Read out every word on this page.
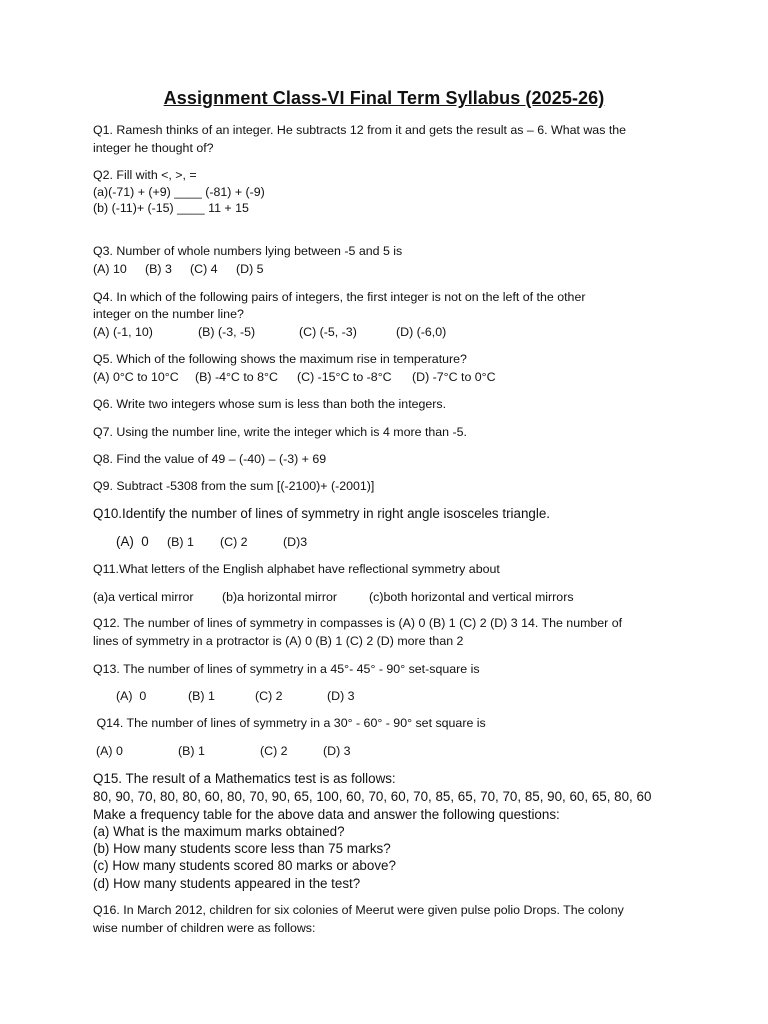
Assignment Class-VI Final Term Syllabus (2025-26)
Q1. Ramesh thinks of an integer. He subtracts 12 from it and gets the result as – 6. What was the
integer he thought of?
Q2. Fill with <, >, =
(a)(-71) + (+9) ____ (-81) + (-9)
(b) (-11)+ (-15) ____ 11 + 15
Q3. Number of whole numbers lying between -5 and 5 is
(A) 10 (B) 3 (C) 4 (D) 5
Q4. In which of the following pairs of integers, the first integer is not on the left of the other
integer on the number line?
(A) (-1, 10)	(B) (-3, -5)	(C) (-5, -3)	(D) (-6,0)
Q5. Which of the following shows the maximum rise in temperature?
(A) 0°C to 10°C (B) -4°C to 8°C (C) -15°C to -8°C (D) -7°C to 0°C
Q6. Write two integers whose sum is less than both the integers.
Q7. Using the number line, write the integer which is 4 more than -5.
Q8. Find the value of 49 – (-40) – (-3) + 69
Q9. Subtract -5308 from the sum [(-2100)+ (-2001)]
Q10.Identify the number of lines of symmetry in right angle isosceles triangle.
(A)  0 (B) 1 (C) 2	(D)3
Q11.What letters of the English alphabet have reflectional symmetry about
(a)a vertical mirror (b)a horizontal mirror	(c)both horizontal and vertical mirrors
Q12. The number of lines of symmetry in compasses is (A) 0 (B) 1 (C) 2 (D) 3 14. The number of
lines of symmetry in a protractor is (A) 0 (B) 1 (C) 2 (D) more than 2
Q13. The number of lines of symmetry in a 45°- 45° - 90° set-square is
(A)  0	(B) 1	(C) 2	(D) 3
Q14. The number of lines of symmetry in a 30° - 60° - 90° set square is
(A) 0	(B) 1	(C) 2	(D) 3
Q15. The result of a Mathematics test is as follows:
80, 90, 70, 80, 80, 60, 80, 70, 90, 65, 100, 60, 70, 60, 70, 85, 65, 70, 70, 85, 90, 60, 65, 80, 60
Make a frequency table for the above data and answer the following questions:
(a) What is the maximum marks obtained?
(b) How many students score less than 75 marks?
(c) How many students scored 80 marks or above?
(d) How many students appeared in the test?
Q16. In March 2012, children for six colonies of Meerut were given pulse polio Drops. The colony
wise number of children were as follows:
